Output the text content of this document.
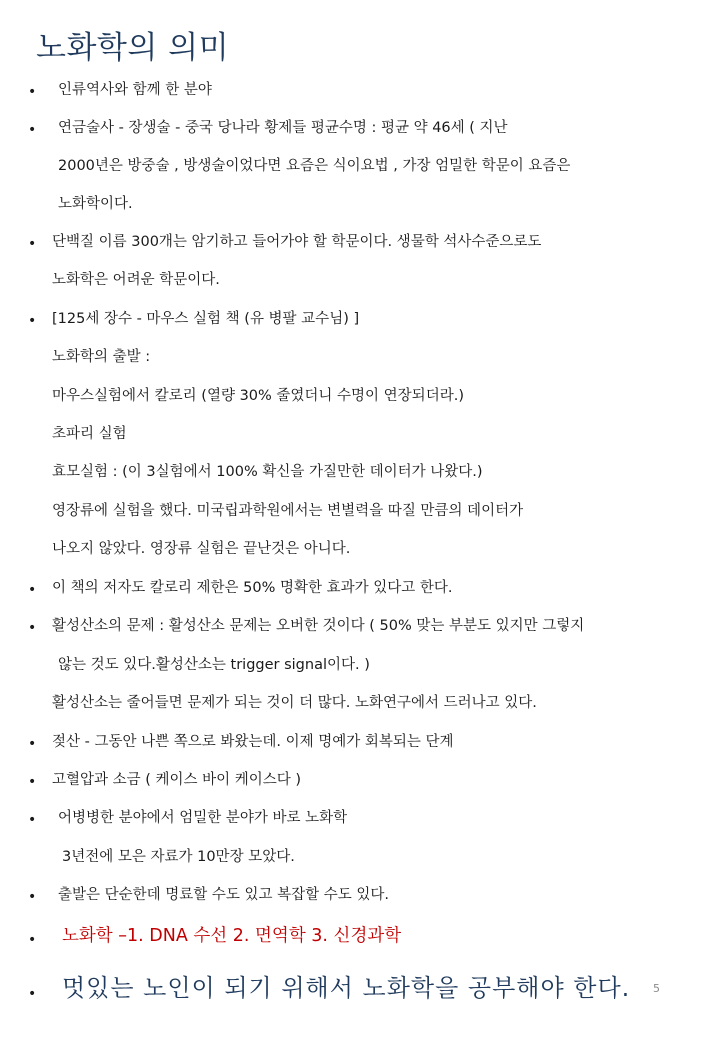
노화학의 의미
•
•
•
•
•
•
•
•
•
•
•
•
인류역사와 함께 한 분야
연금술사 - 장생술 - 중국 당나라 황제들 평균수명 : 평균 약 46세 ( 지난
2000년은 방중술 , 방생술이었다면 요즘은 식이요법 , 가장 엄밀한 학문이 요즘은
노화학이다.
단백질 이름 300개는 암기하고 들어가야 할 학문이다. 생물학 석사수준으로도
노화학은 어려운 학문이다.
[125세 장수 - 마우스 실험 책 (유 병팔 교수님) ]
노화학의 출발 :
마우스실험에서 칼로리 (열량 30% 줄였더니 수명이 연장되더라.)
초파리 실험
효모실험 : (이 3실험에서 100% 확신을 가질만한 데이터가 나왔다.)
영장류에 실험을 했다. 미국립과학원에서는 변별력을 따질 만큼의 데이터가
나오지 않았다. 영장류 실험은 끝난것은 아니다.
이 책의 저자도 칼로리 제한은 50% 명확한 효과가 있다고 한다.
활성산소의 문제 : 활성산소 문제는 오버한 것이다 ( 50% 맞는 부분도 있지만 그렇지
않는 것도 있다.활성산소는 trigger signal이다. )
활성산소는 줄어들면 문제가 되는 것이 더 많다. 노화연구에서 드러나고 있다.
젖산 - 그동안 나쁜 쪽으로 봐왔는데. 이제 명예가 회복되는 단계
고혈압과 소금 ( 케이스 바이 케이스다 )
어병병한 분야에서 엄밀한 분야가 바로 노화학
3년전에 모은 자료가 10만장 모았다.
출발은 단순한데 명료할 수도 있고 복잡할 수도 있다.
노화학 –1. DNA 수선 2. 면역학 3. 신경과학
멋있는 노인이 되기 위해서 노화학을 공부해야 한다. 5
